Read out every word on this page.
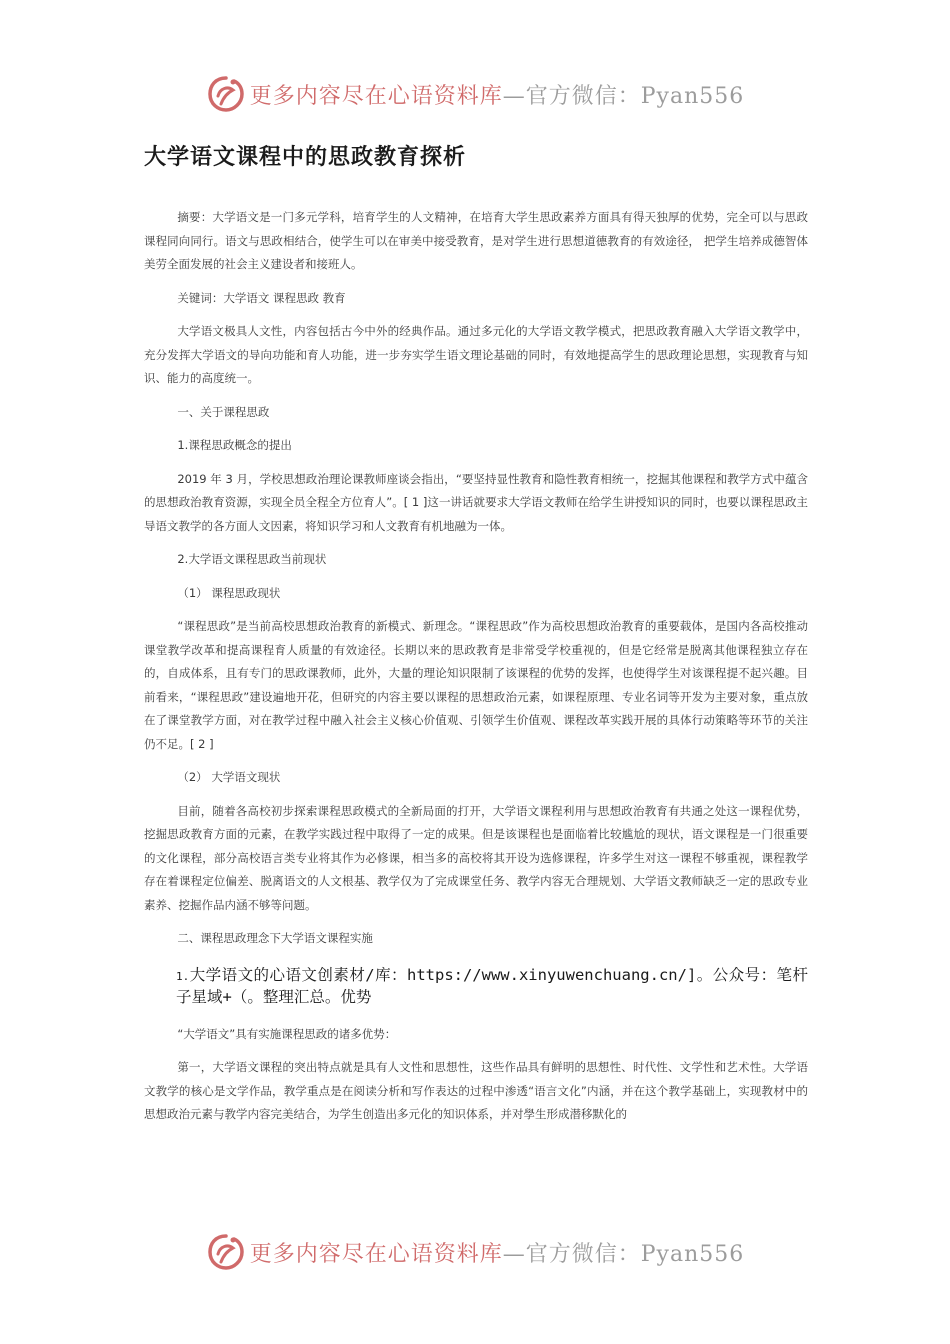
更多内容尽在心语资料库—官方微信：Pyan556
大学语文课程中的思政教育探析

摘要：大学语文是一门多元学科，培育学生的人文精神，在培育大学生思政素养方面具有得天独厚的优势，完全可以与思政课程同向同行。语文与思政相结合，使学生可以在审美中接受教育，是对学生进行思想道德教育的有效途径， 把学生培养成德智体美劳全面发展的社会主义建设者和接班人。

关键词：大学语文 课程思政 教育

大学语文极具人文性，内容包括古今中外的经典作品。通过多元化的大学语文教学模式，把思政教育融入大学语文教学中，充分发挥大学语文的导向功能和育人功能，进一步夯实学生语文理论基础的同时，有效地提高学生的思政理论思想，实现教育与知识、能力的高度统一。

一、关于课程思政

1.课程思政概念的提出

2019 年 3 月，学校思想政治理论课教师座谈会指出，“要坚持显性教育和隐性教育相统一，挖掘其他课程和教学方式中蕴含的思想政治教育资源，实现全员全程全方位育人”。[ 1 ]这一讲话就要求大学语文教师在给学生讲授知识的同时，也要以课程思政主导语文教学的各方面人文因素，将知识学习和人文教育有机地融为一体。

2.大学语文课程思政当前现状

（1） 课程思政现状

“课程思政”是当前高校思想政治教育的新模式、新理念。“课程思政”作为高校思想政治教育的重要载体，是国内各高校推动课堂教学改革和提高课程育人质量的有效途径。长期以来的思政教育是非常受学校重视的，但是它经常是脱离其他课程独立存在的，自成体系，且有专门的思政课教师，此外，大量的理论知识限制了该课程的优势的发挥，也使得学生对该课程提不起兴趣。目前看来，“课程思政”建设遍地开花，但研究的内容主要以课程的思想政治元素，如课程原理、专业名词等开发为主要对象，重点放在了课堂教学方面，对在教学过程中融入社会主义核心价值观、引领学生价值观、课程改革实践开展的具体行动策略等环节的关注仍不足。[ 2 ]

（2） 大学语文现状

目前，随着各高校初步探索课程思政模式的全新局面的打开，大学语文课程利用与思想政治教育有共通之处这一课程优势，挖掘思政教育方面的元素，在教学实践过程中取得了一定的成果。但是该课程也是面临着比较尴尬的现状，语文课程是一门很重要的文化课程，部分高校语言类专业将其作为必修课，相当多的高校将其开设为选修课程，许多学生对这一课程不够重视，课程教学存在着课程定位偏差、脱离语文的人文根基、教学仅为了完成课堂任务、教学内容无合理规划、大学语文教师缺乏一定的思政专业素养、挖掘作品内涵不够等问题。

二、课程思政理念下大学语文课程实施

1.大学语文的心语文创素材/库：https://www.xinyuwenchuang.cn/]。公众号：笔杆子星域+（。整理汇总。优势

“大学语文”具有实施课程思政的诸多优势：

第一，大学语文课程的突出特点就是具有人文性和思想性，这些作品具有鲜明的思想性、时代性、文学性和艺术性。大学语文教学的核心是文学作品，教学重点是在阅读分析和写作表达的过程中渗透“语言文化”内涵，并在这个教学基础上，实现教材中的思想政治元素与教学内容完美结合，为学生创造出多元化的知识体系，并对學生形成潜移默化的

更多内容尽在心语资料库—官方微信：Pyan556
